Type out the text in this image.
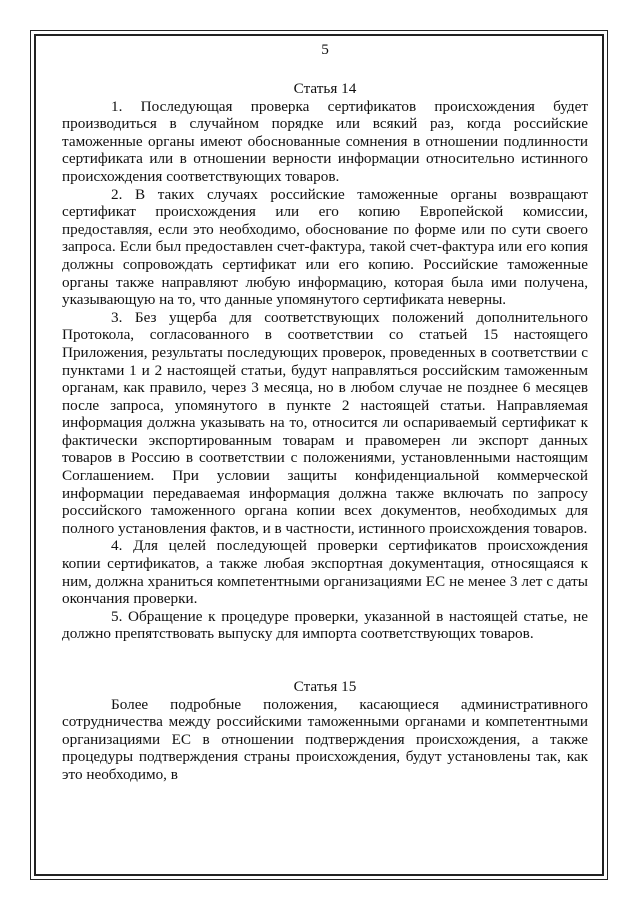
5
Статья 14

1. Последующая проверка сертификатов происхождения будет производиться в случайном порядке или всякий раз, когда российские таможенные органы имеют обоснованные сомнения в отношении подлинности сертификата или в отношении верности информации относительно истинного происхождения соответствующих товаров.

2. В таких случаях российские таможенные органы возвращают сертификат происхождения или его копию Европейской комиссии, предоставляя, если это необходимо, обоснование по форме или по сути своего запроса. Если был предоставлен счет-фактура, такой счет-фактура или его копия должны сопровождать сертификат или его копию. Российские таможенные органы также направляют любую информацию, которая была ими получена, указывающую на то, что данные упомянутого сертификата неверны.

3. Без ущерба для соответствующих положений дополнительного Протокола, согласованного в соответствии со статьей 15 настоящего Приложения, результаты последующих проверок, проведенных в соответствии с пунктами 1 и 2 настоящей статьи, будут направляться российским таможенным органам, как правило, через 3 месяца, но в любом случае не позднее 6 месяцев после запроса, упомянутого в пункте 2 настоящей статьи. Направляемая информация должна указывать на то, относится ли оспариваемый сертификат к фактически экспортированным товарам и правомерен ли экспорт данных товаров в Россию в соответствии с положениями, установленными настоящим Соглашением. При условии защиты конфиденциальной коммерческой информации передаваемая информация должна также включать по запросу российского таможенного органа копии всех документов, необходимых для полного установления фактов, и в частности, истинного происхождения товаров.

4. Для целей последующей проверки сертификатов происхождения копии сертификатов, а также любая экспортная документация, относящаяся к ним, должна храниться компетентными организациями ЕС не менее 3 лет с даты окончания проверки.

5. Обращение к процедуре проверки, указанной в настоящей статье, не должно препятствовать выпуску для импорта соответствующих товаров.

Статья 15

Более подробные положения, касающиеся административного сотрудничества между российскими таможенными органами и компетентными организациями ЕС в отношении подтверждения происхождения, а также процедуры подтверждения страны происхождения, будут установлены так, как это необходимо, в
